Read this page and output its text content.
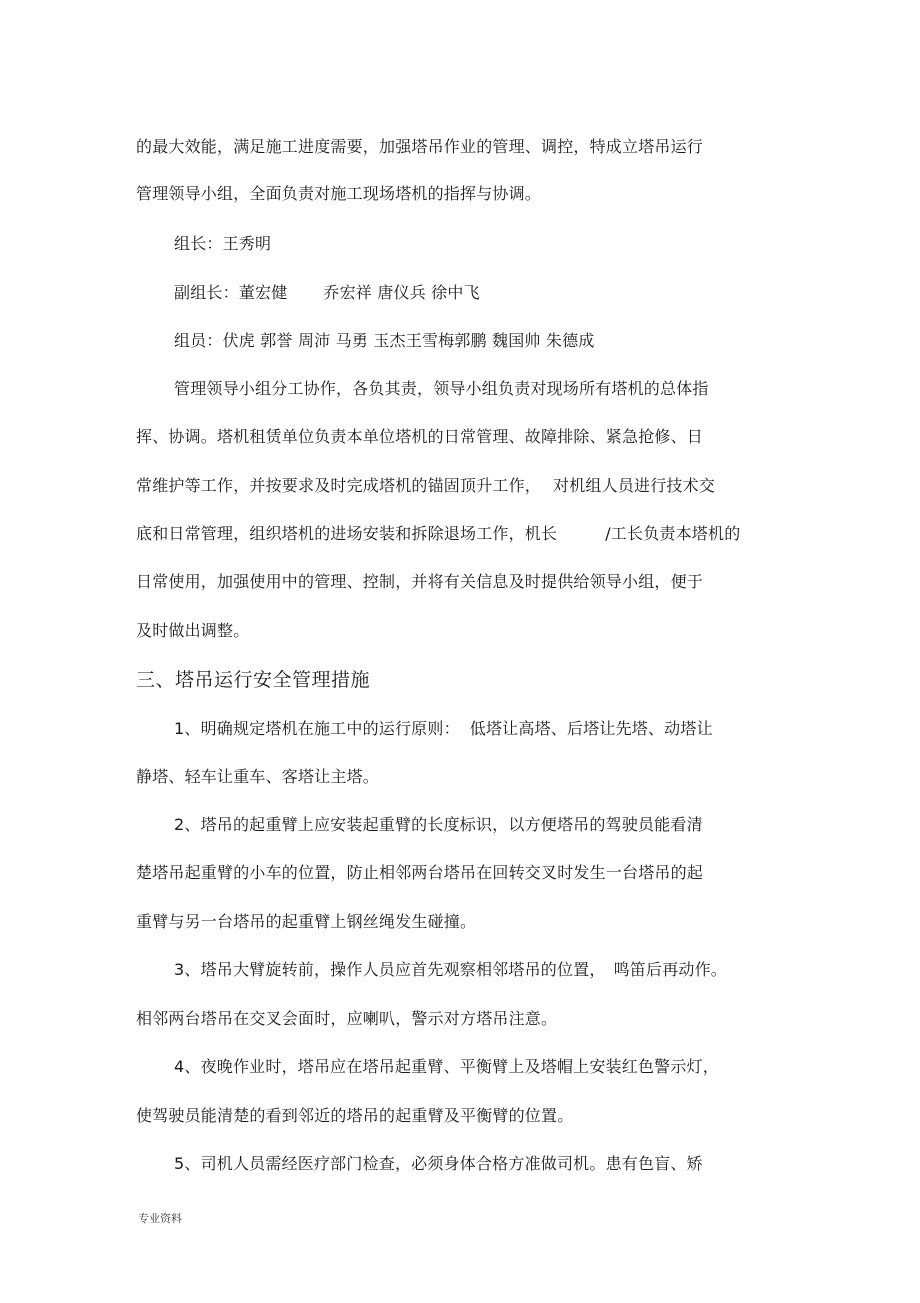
的最大效能，满足施工进度需要，加强塔吊作业的管理、调控，特成立塔吊运行
管理领导小组，全面负责对施工现场塔机的指挥与协调。
组长：王秀明
副组长：董宏健 乔宏祥 唐仪兵 徐中飞
组员：伏虎 郭誉 周沛 马勇 玉杰王雪梅郭鹏 魏国帅 朱德成
管理领导小组分工协作，各负其责，领导小组负责对现场所有塔机的总体指
挥、协调。塔机租赁单位负责本单位塔机的日常管理、故障排除、紧急抢修、日
常维护等工作，并按要求及时完成塔机的锚固顶升工作， 对机组人员进行技术交
底和日常管理，组织塔机的进场安装和拆除退场工作，机长	/工长负责本塔机的
日常使用，加强使用中的管理、控制，并将有关信息及时提供给领导小组，便于
及时做出调整。
三、塔吊运行安全管理措施
1、明确规定塔机在施工中的运行原则： 低塔让高塔、后塔让先塔、动塔让
静塔、轻车让重车、客塔让主塔。
2、塔吊的起重臂上应安装起重臂的长度标识，以方便塔吊的驾驶员能看清
楚塔吊起重臂的小车的位置，防止相邻两台塔吊在回转交叉时发生一台塔吊的起
重臂与另一台塔吊的起重臂上钢丝绳发生碰撞。
3、塔吊大臂旋转前，操作人员应首先观察相邻塔吊的位置， 鸣笛后再动作。
相邻两台塔吊在交叉会面时，应喇叭，警示对方塔吊注意。
4、夜晚作业时，塔吊应在塔吊起重臂、平衡臂上及塔帽上安装红色警示灯，
使驾驶员能清楚的看到邻近的塔吊的起重臂及平衡臂的位置。
5、司机人员需经医疗部门检查，必须身体合格方准做司机。患有色盲、矫
专业资料
